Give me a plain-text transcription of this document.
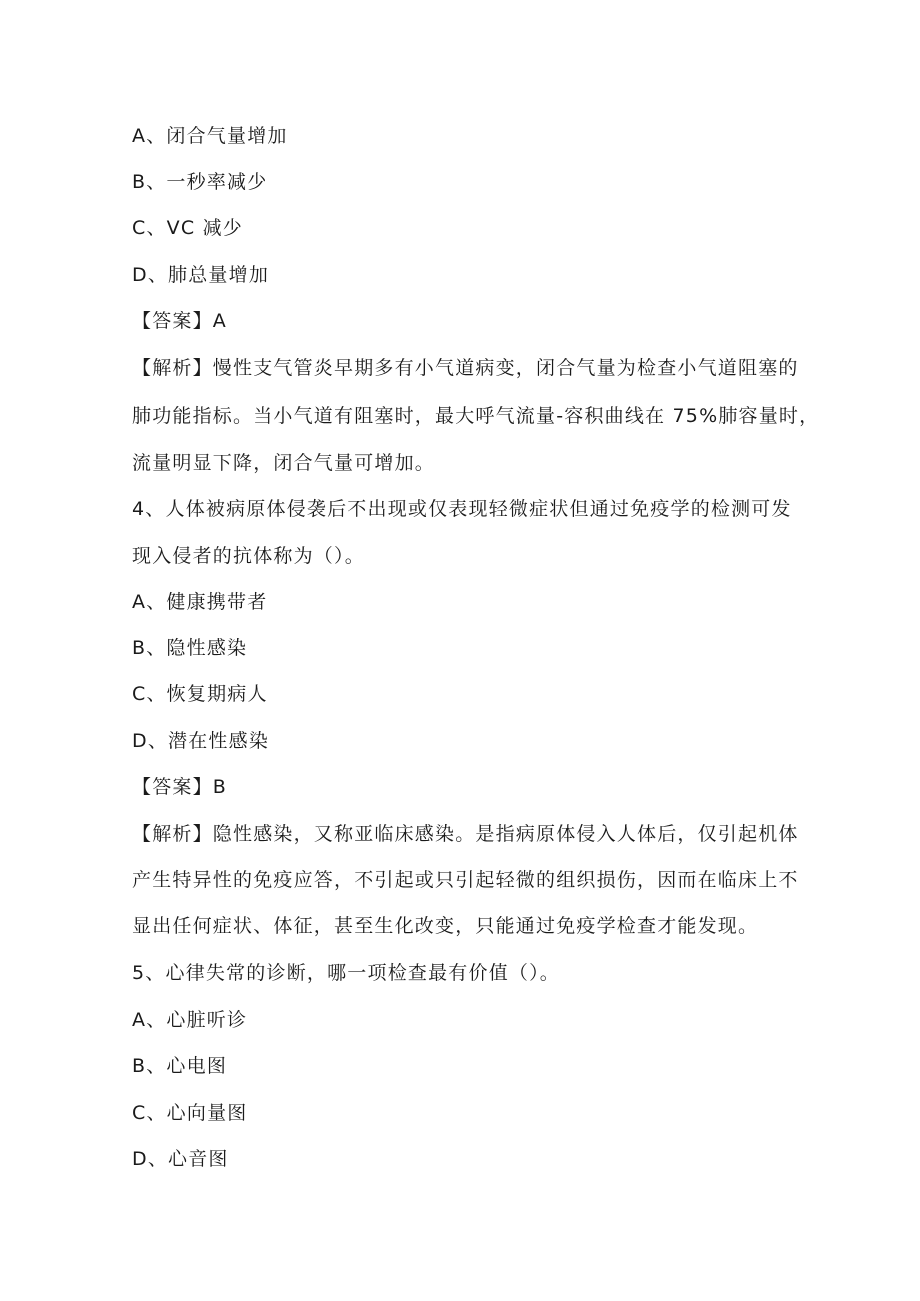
A、闭合气量增加
B、一秒率减少
C、VC 减少
D、肺总量增加
【答案】A
【解析】慢性支气管炎早期多有小气道病变，闭合气量为检查小气道阻塞的
肺功能指标。当小气道有阻塞时，最大呼气流量-容积曲线在 75%肺容量时，
流量明显下降，闭合气量可增加。
4、人体被病原体侵袭后不出现或仅表现轻微症状但通过免疫学的检测可发
现入侵者的抗体称为（）。
A、健康携带者
B、隐性感染
C、恢复期病人
D、潜在性感染
【答案】B
【解析】隐性感染，又称亚临床感染。是指病原体侵入人体后，仅引起机体
产生特异性的免疫应答，不引起或只引起轻微的组织损伤，因而在临床上不
显出任何症状、体征，甚至生化改变，只能通过免疫学检查才能发现。
5、心律失常的诊断，哪一项检查最有价值（）。
A、心脏听诊
B、心电图
C、心向量图
D、心音图
